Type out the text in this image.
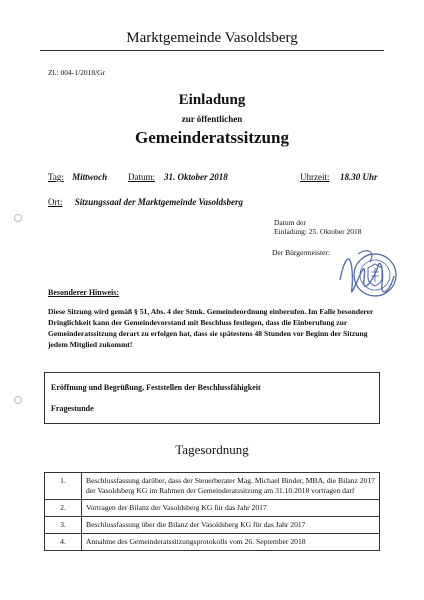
Marktgemeinde Vasoldsberg
Zl.: 004-1/2018/Gr
Einladung
zur öffentlichen
Gemeinderatssitzung
Tag: Mittwoch Datum: 31. Oktober 2018	Uhrzeit: 18.30 Uhr
Ort: Sitzungssaal der Marktgemeinde Vasoldsberg
Datum der
Einladung: 25. Oktober 2018
Der Bürgermeister:
Besonderer Hinweis:
Diese Sitzung wird gemäß § 51, Abs. 4 der Stmk. Gemeindeordnung einberufen. Im Falle besonderer Dringlichkeit kann der Gemeindevorstand mit Beschluss festlegen, dass die Einberufung zur Gemeinderatssitzung derart zu erfolgen hat, dass sie spätestens 48 Stunden vor Beginn der Sitzung jedem Mitglied zukommt!
Eröffnung und Begrüßung, Feststellen der Beschlussfähigkeit
Fragestunde
Tagesordnung
1.	Beschlussfassung darüber, dass der Steuerberater Mag. Michael Binder, MBA, die Bilanz 2017 der Vasoldsberg KG im Rahmen der Gemeinderatssitzung am 31.10.2018 vortragen darf
2.	Vortragen der Bilanz der Vasoldsberg KG für das Jahr 2017
3.	Beschlussfassung über die Bilanz der Vasoldsberg KG für das Jahr 2017
4.	Annahme des Gemeinderatssitzungsprotokolls vom 26. September 2018
